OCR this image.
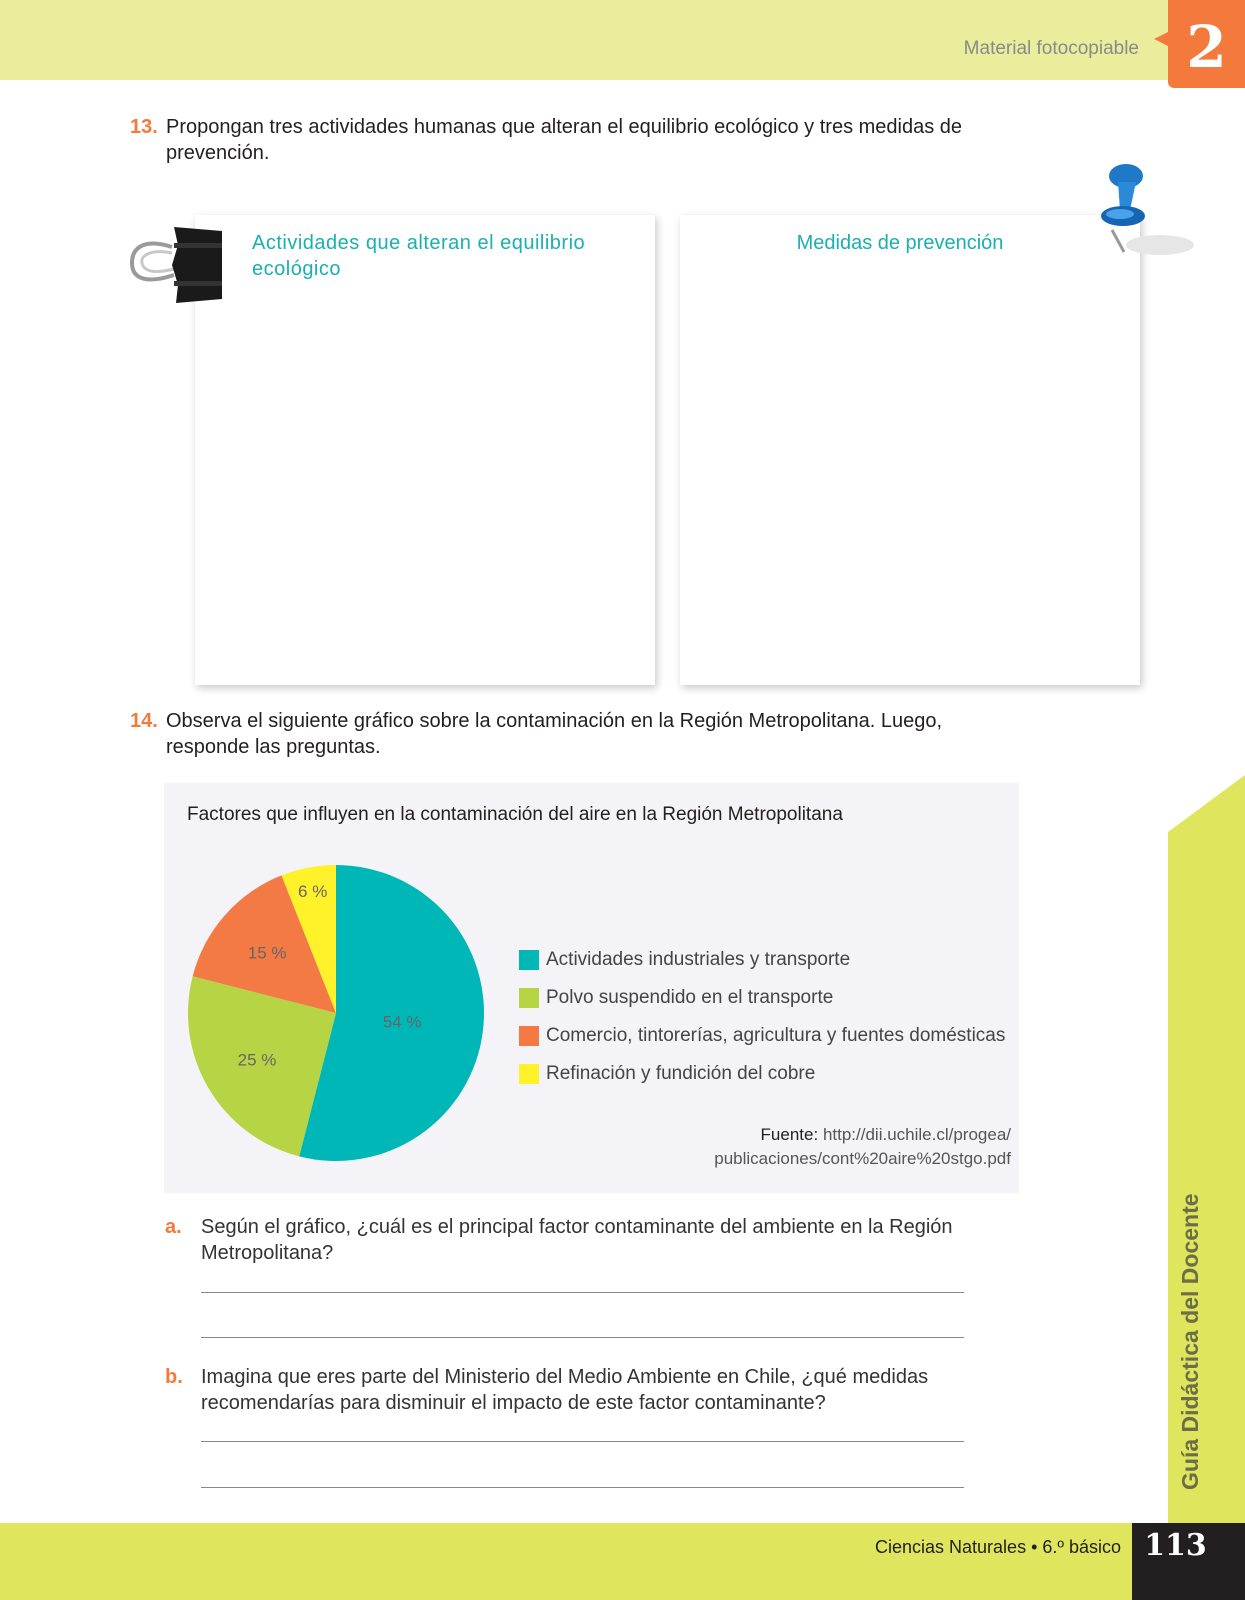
Material fotocopiable 2
13. Propongan tres actividades humanas que alteran el equilibrio ecológico y tres medidas de prevención.
Actividades que alteran el equilibrio ecológico
Medidas de prevención
14. Observa el siguiente gráfico sobre la contaminación en la Región Metropolitana. Luego, responde las preguntas.
Factores que influyen en la contaminación del aire en la Región Metropolitana
54 %
25 %
15 %
6 %
Actividades industriales y transporte
Polvo suspendido en el transporte
Comercio, tintorerías, agricultura y fuentes domésticas
Refinación y fundición del cobre
Fuente: http://dii.uchile.cl/progea/
publicaciones/cont%20aire%20stgo.pdf
a. Según el gráfico, ¿cuál es el principal factor contaminante del ambiente en la Región Metropolitana?
b. Imagina que eres parte del Ministerio del Medio Ambiente en Chile, ¿qué medidas recomendarías para disminuir el impacto de este factor contaminante?	Guía Didáctica del Docente
Ciencias Naturales • 6.º básico 113
